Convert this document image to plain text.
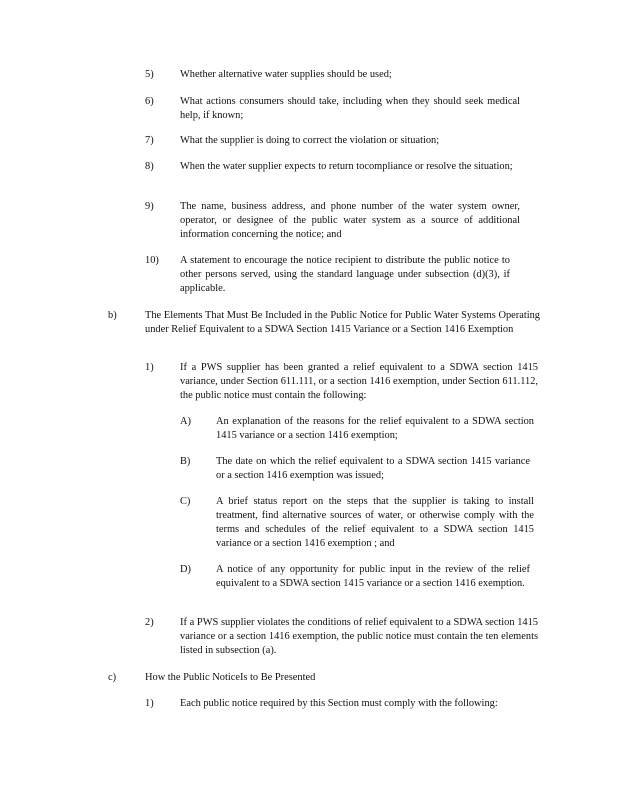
5)	Whether alternative water supplies should be used;
6)	What actions consumers should take, including when they should seek medical help, if known;
7)	What the supplier is doing to correct the violation or situation;
8)	When the water supplier expects to return tocompliance or resolve the situation;
9)	The name, business address, and phone number of the water system owner, operator, or designee of the public water system as a source of additional information concerning the notice; and
10) A statement to encourage the notice recipient to distribute the public notice to other persons served, using the standard language under subsection (d)(3), if applicable.
b)	The Elements That Must Be Included in the Public Notice for Public Water Systems Operating under Relief Equivalent to a SDWA Section 1415 Variance or a Section 1416 Exemption
1)	If a PWS supplier has been granted a relief equivalent to a SDWA section 1415 variance, under Section 611.111, or a section 1416 exemption, under Section 611.112, the public notice must contain the following:
A) An explanation of the reasons for the relief equivalent to a SDWA section 1415 variance or a section 1416 exemption;
B) The date on which the relief equivalent to a SDWA section 1415 variance or a section 1416 exemption was issued;
C) A brief status report on the steps that the supplier is taking to install treatment, find alternative sources of water, or otherwise comply with the terms and schedules of the relief equivalent to a SDWA section 1415 variance or a section 1416 exemption ; and
D) A notice of any opportunity for public input in the review of the relief equivalent to a SDWA section 1415 variance or a section 1416 exemption.
2)	If a PWS supplier violates the conditions of relief equivalent to a SDWA section 1415 variance or a section 1416 exemption, the public notice must contain the ten elements listed in subsection (a).
c)	How the Public NoticeIs to Be Presented
1)	Each public notice required by this Section must comply with the following:
